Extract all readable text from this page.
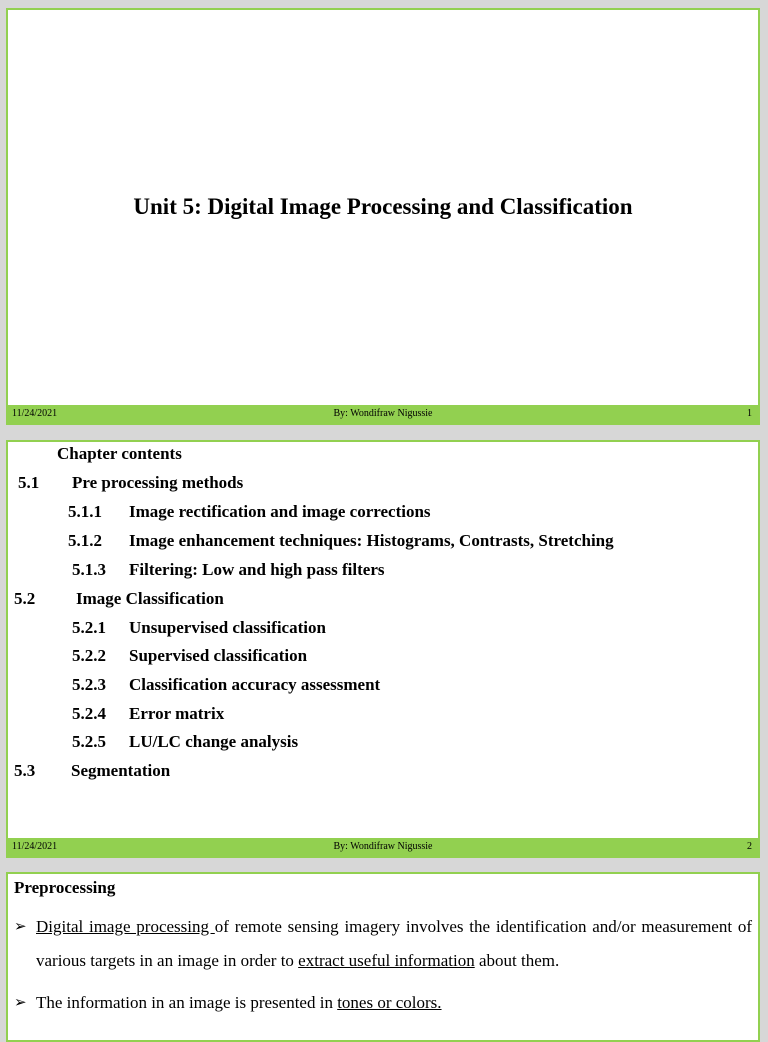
Unit 5: Digital Image Processing and Classification
11/24/2021	By: Wondifraw Nigussie	1
Chapter contents
5.1 Pre processing methods
5.1.1 Image rectification and image corrections
5.1.2 Image enhancement techniques: Histograms, Contrasts, Stretching
5.1.3 Filtering: Low and high pass filters
5.2 Image Classification
5.2.1 Unsupervised classification
5.2.2 Supervised classification
5.2.3 Classification accuracy assessment
5.2.4 Error matrix
5.2.5 LU/LC change analysis
5.3 Segmentation
11/24/2021	By: Wondifraw Nigussie	2
Preprocessing
➢ Digital image processing of remote sensing imagery involves the identification and/or measurement of various targets in an image in order to extract useful information about them.
➢ The information in an image is presented in tones or colors.
